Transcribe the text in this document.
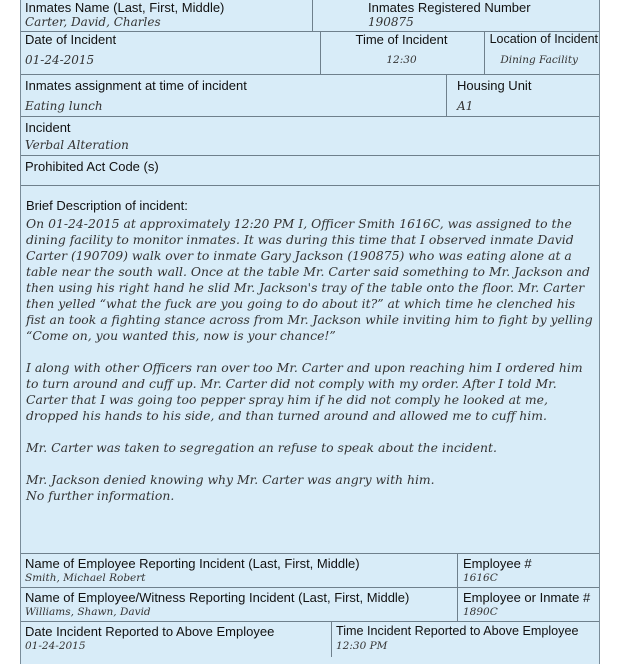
Inmates Name (Last, First, Middle)
Carter, David, Charles
Inmates Registered Number
190875
Date of Incident
01-24-2015
Time of Incident
12:30
Location of Incident
Dining Facility
Inmates assignment at time of incident
Eating lunch
Housing Unit
A1
Incident
Verbal Alteration
Prohibited Act Code (s)
Brief Description of incident:

On 01-24-2015 at approximately 12:20 PM I, Officer Smith 1616C, was assigned to the dining facility to monitor inmates. It was during this time that I observed inmate David Carter (190709) walk over to inmate Gary Jackson (190875) who was eating alone at a table near the south wall. Once at the table Mr. Carter said something to Mr. Jackson and then using his right hand he slid Mr. Jackson's tray of the table onto the floor. Mr. Carter then yelled “what the fuck are you going to do about it?” at which time he clenched his fist an took a fighting stance across from Mr. Jackson while inviting him to fight by yelling “Come on, you wanted this, now is your chance!”

I along with other Officers ran over too Mr. Carter and upon reaching him I ordered him to turn around and cuff up. Mr. Carter did not comply with my order. After I told Mr. Carter that I was going too pepper spray him if he did not comply he looked at me, dropped his hands to his side, and than turned around and allowed me to cuff him.

Mr. Carter was taken to segregation an refuse to speak about the incident.

Mr. Jackson denied knowing why Mr. Carter was angry with him.

No further information.

Name of Employee Reporting Incident (Last, First, Middle)
Smith, Michael Robert
Employee #
1616C
Name of Employee/Witness Reporting Incident (Last, First, Middle)
Williams, Shawn, David
Employee or Inmate #
1890C
Date Incident Reported to Above Employee
01-24-2015
Time Incident Reported to Above Employee
12:30 PM
